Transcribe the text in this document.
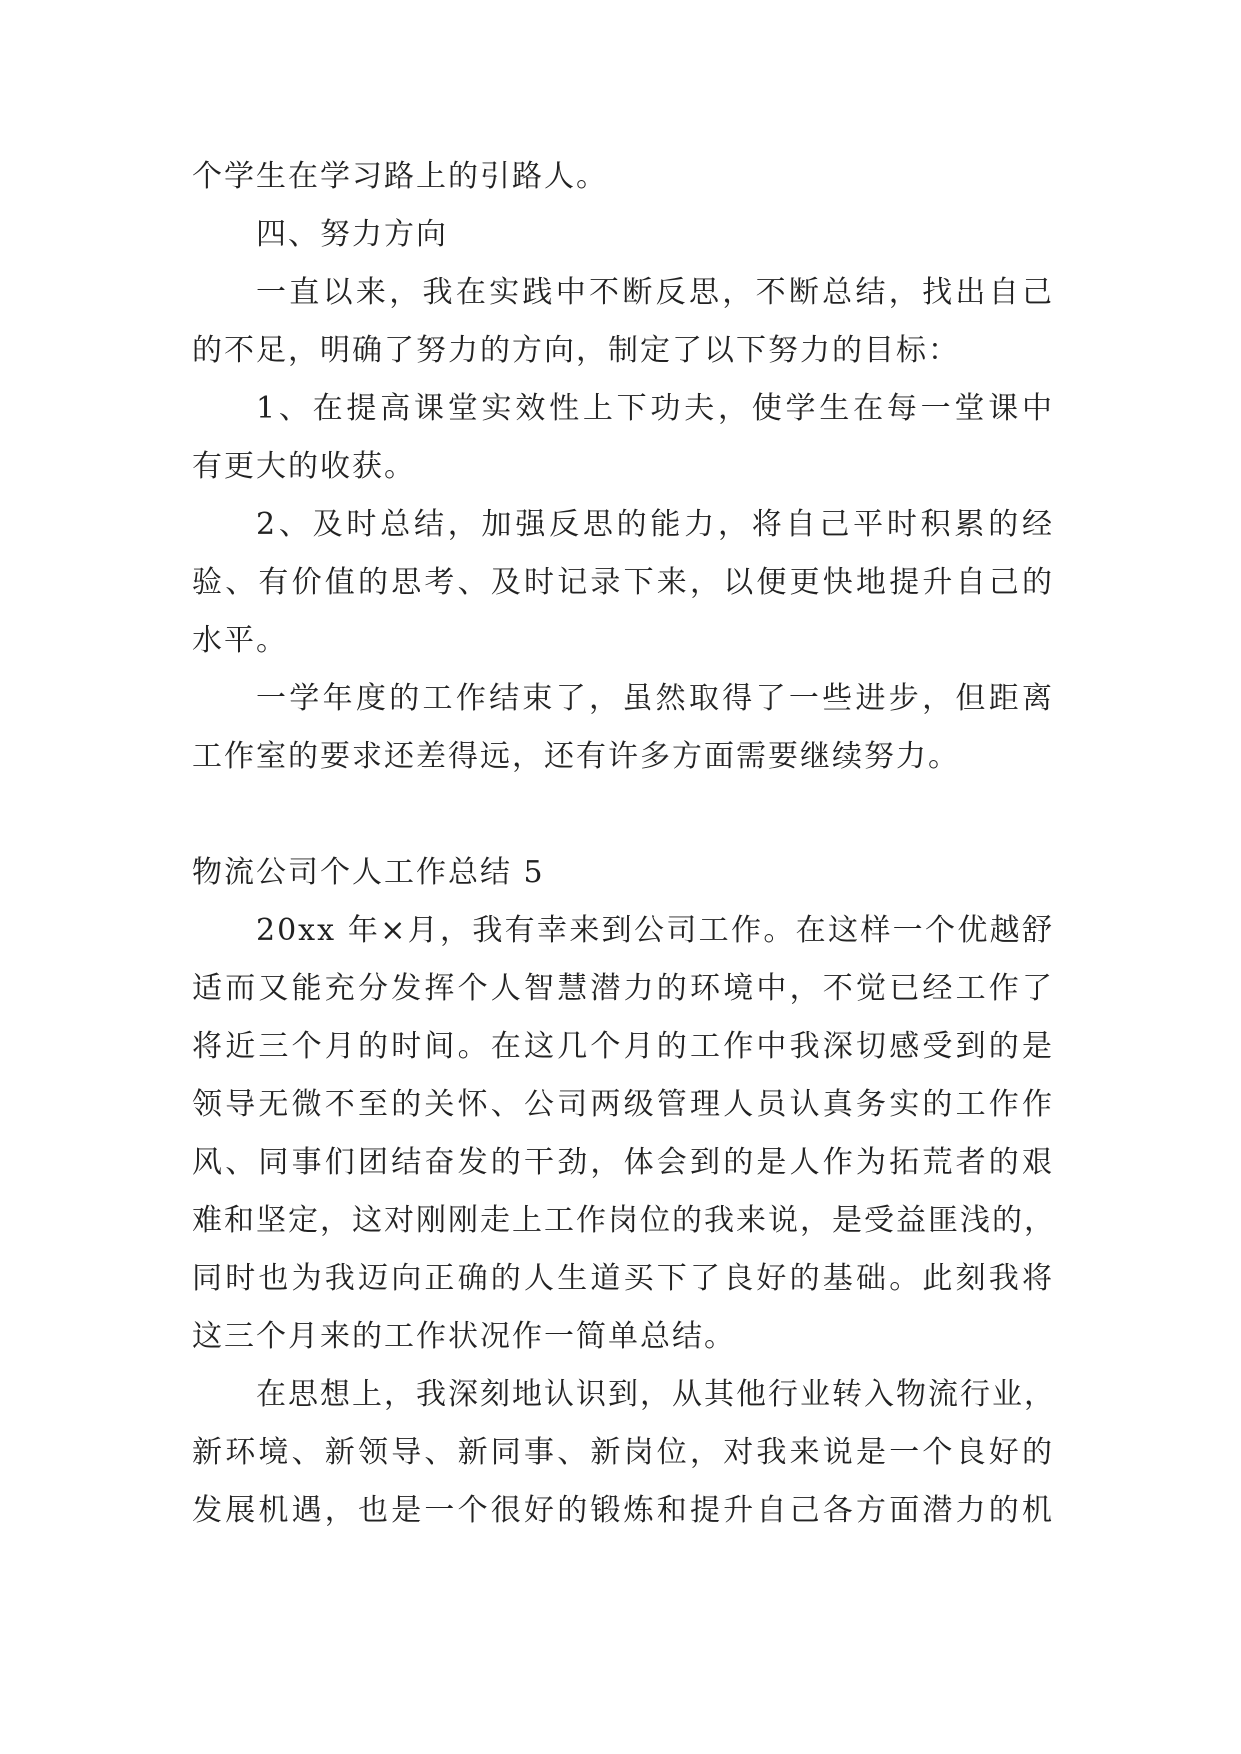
个学生在学习路上的引路人。
四、努力方向
一直以来，我在实践中不断反思，不断总结，找出自己
的不足，明确了努力的方向，制定了以下努力的目标：
1、在提高课堂实效性上下功夫，使学生在每一堂课中
有更大的收获。
2、及时总结，加强反思的能力，将自己平时积累的经
验、有价值的思考、及时记录下来，以便更快地提升自己的
水平。
一学年度的工作结束了，虽然取得了一些进步，但距离
工作室的要求还差得远，还有许多方面需要继续努力。
物流公司个人工作总结 5
20xx 年×月，我有幸来到公司工作。在这样一个优越舒
适而又能充分发挥个人智慧潜力的环境中，不觉已经工作了
将近三个月的时间。在这几个月的工作中我深切感受到的是
领导无微不至的关怀、公司两级管理人员认真务实的工作作
风、同事们团结奋发的干劲，体会到的是人作为拓荒者的艰
难和坚定，这对刚刚走上工作岗位的我来说，是受益匪浅的，
同时也为我迈向正确的人生道买下了良好的基础。此刻我将
这三个月来的工作状况作一简单总结。
在思想上，我深刻地认识到，从其他行业转入物流行业，
新环境、新领导、新同事、新岗位，对我来说是一个良好的
发展机遇，也是一个很好的锻炼和提升自己各方面潜力的机
